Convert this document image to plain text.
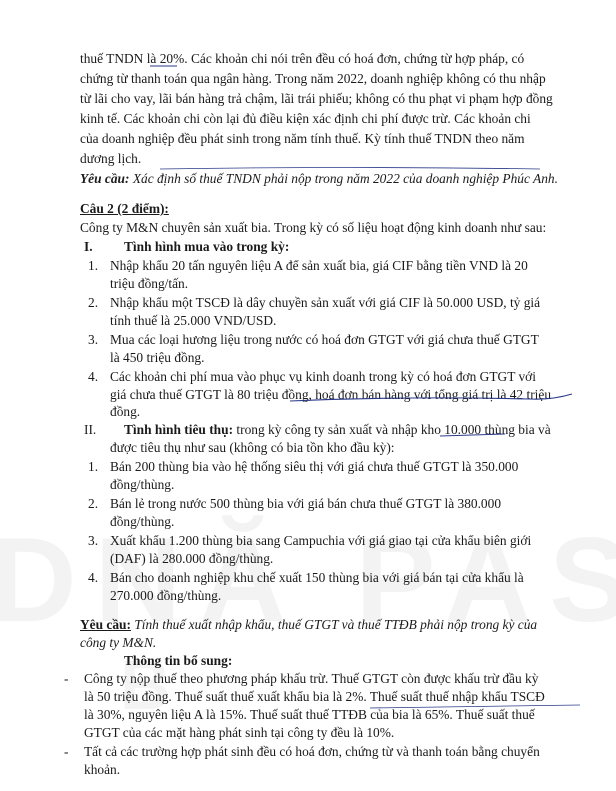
thuế TNDN là 20%. Các khoản chi nói trên đều có hoá đơn, chứng từ hợp pháp, có
chứng từ thanh toán qua ngân hàng. Trong năm 2022, doanh nghiệp không có thu nhập
từ lãi cho vay, lãi bán hàng trả chậm, lãi trái phiếu; không có thu phạt vi phạm hợp đồng
kinh tế. Các khoản chi còn lại đủ điều kiện xác định chi phí được trừ. Các khoản chi
của doanh nghiệp đều phát sinh trong năm tính thuế. Kỳ tính thuế TNDN theo năm
dương lịch.
Yêu cầu: Xác định số thuế TNDN phải nộp trong năm 2022 của doanh nghiệp Phúc Anh.
Câu 2 (2 điểm):
Công ty M&N chuyên sản xuất bia. Trong kỳ có số liệu hoạt động kinh doanh như sau:
I. Tình hình mua vào trong kỳ:
1. Nhập khẩu 20 tấn nguyên liệu A để sản xuất bia, giá CIF bằng tiền VND là 20
triệu đồng/tấn.
2. Nhập khẩu một TSCĐ là dây chuyền sản xuất với giá CIF là 50.000 USD, tỷ giá
tính thuế là 25.000 VND/USD.
3. Mua các loại hương liệu trong nước có hoá đơn GTGT với giá chưa thuế GTGT
là 450 triệu đồng.
4. Các khoản chi phí mua vào phục vụ kinh doanh trong kỳ có hoá đơn GTGT với
giá chưa thuế GTGT là 80 triệu đồng, hoá đơn bán hàng với tổng giá trị là 42 triệu
đồng.
II. Tình hình tiêu thụ: trong kỳ công ty sản xuất và nhập kho 10.000 thùng bia và
được tiêu thụ như sau (không có bia tồn kho đầu kỳ):
1. Bán 200 thùng bia vào hệ thống siêu thị với giá chưa thuế GTGT là 350.000
đồng/thùng.
2. Bán lẻ trong nước 500 thùng bia với giá bán chưa thuế GTGT là 380.000
đồng/thùng.
3. Xuất khẩu 1.200 thùng bia sang Campuchia với giá giao tại cửa khẩu biên giới
(DAF) là 280.000 đồng/thùng.
4. Bán cho doanh nghiệp khu chế xuất 150 thùng bia với giá bán tại cửa khẩu là
270.000 đồng/thùng.
Yêu cầu: Tính thuế xuất nhập khẩu, thuế GTGT và thuế TTĐB phải nộp trong kỳ của
công ty M&N.
Thông tin bổ sung:
- Công ty nộp thuế theo phương pháp khấu trừ. Thuế GTGT còn được khấu trừ đầu kỳ
là 50 triệu đồng. Thuế suất thuế xuất khẩu bia là 2%. Thuế suất thuế nhập khẩu TSCĐ
là 30%, nguyên liệu A là 15%. Thuế suất thuế TTĐB của bia là 65%. Thuế suất thuế
GTGT của các mặt hàng phát sinh tại công ty đều là 10%.
- Tất cả các trường hợp phát sinh đều có hoá đơn, chứng từ và thanh toán bằng chuyển
khoản.
